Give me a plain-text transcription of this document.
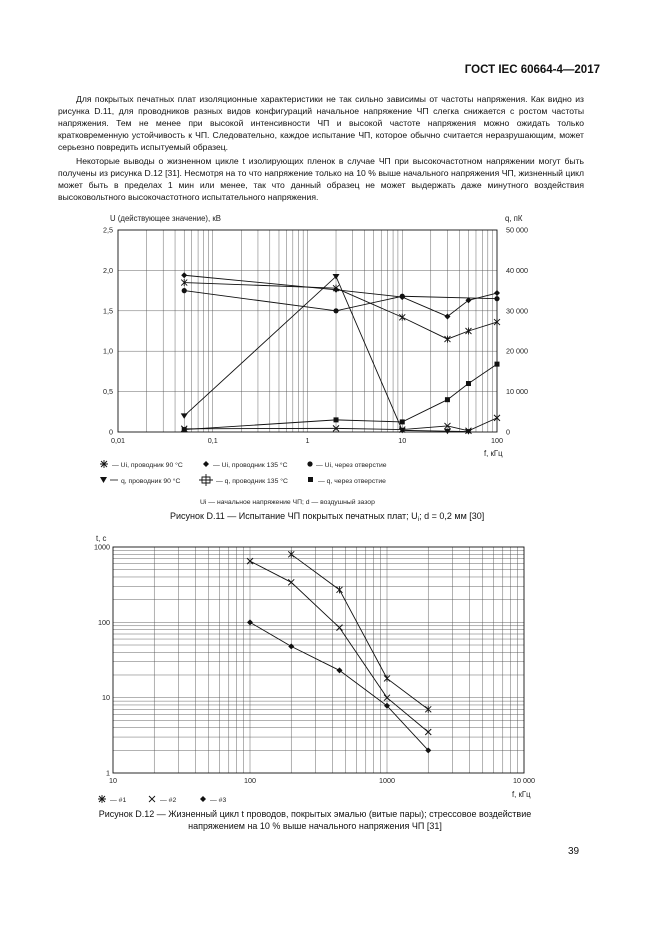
ГОСТ IEC 60664-4—2017

Для покрытых печатных плат изоляционные характеристики не так сильно зависимы от частоты напряжения. Как видно из рисунка D.11, для проводников разных видов конфигураций начальное напряжение ЧП слегка снижается с ростом частоты напряжения. Тем не менее при высокой интенсивности ЧП и высокой частоте напряжения можно ожидать только кратковременную устойчивость к ЧП. Следовательно, каждое испытание ЧП, которое обычно считается неразрушающим, может серьезно повредить испытуемый образец.

Некоторые выводы о жизненном цикле t изолирующих пленок в случае ЧП при высокочастотном напряжении могут быть получены из рисунка D.12 [31]. Несмотря на то что напряжение только на 10 % выше начального напряжения ЧП, жизненный цикл может быть в пределах 1 мин или менее, так что данный образец не может выдержать даже минутного воздействия высоковольтного высокочастотного испытательного напряжения.

0,01	0,1	1	10	100
0
0,5
1,0
1,5
2,0
2,5
0
10 000
20 000
30 000
40 000
50 000
U (действующее значение), кВ	q, пК
f, кГц
— Ui, проводник 90 °C	— Ui, проводник 135 °C	— Ui, через отверстие
q, проводник 90 °C	— q, проводник 135 °C	— q, через отверстие
Ui — начальное напряжение ЧП; d — воздушный зазор
Рисунок D.11 — Испытание ЧП покрытых печатных плат; $U_i$; d = 0,2 мм [30]
10	100	1000	10 000
1
10
100
1000
t, с
f, кГц
— #1	— #2	— #3
Рисунок D.12 — Жизненный цикл t проводов, покрытых эмалью (витые пары); стрессовое воздействие
напряжением на 10 % выше начального напряжения ЧП [31]
39
